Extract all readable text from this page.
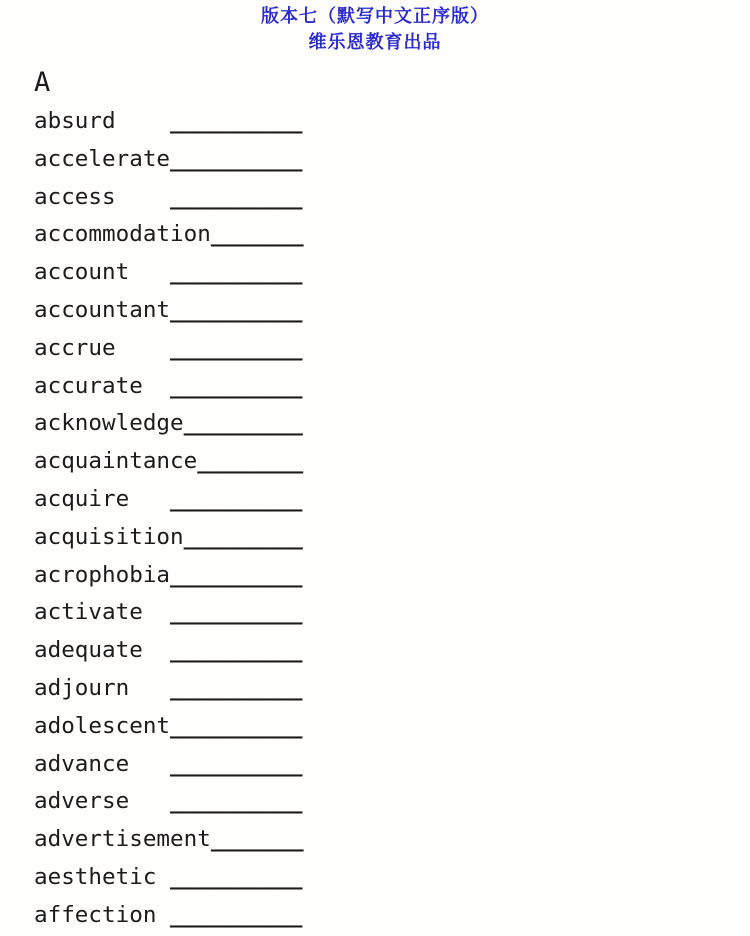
版本七（默写中文正序版）

维乐恩教育出品

A
absurd __________
accelerate__________
access __________
accommodation_______
account __________
accountant__________
accrue __________
accurate __________
acknowledge_________
acquaintance________
acquire __________
acquisition_________
acrophobia__________
activate __________
adequate __________
adjourn __________
adolescent__________
advance __________
adverse __________
advertisement_______
aesthetic __________
affection __________
